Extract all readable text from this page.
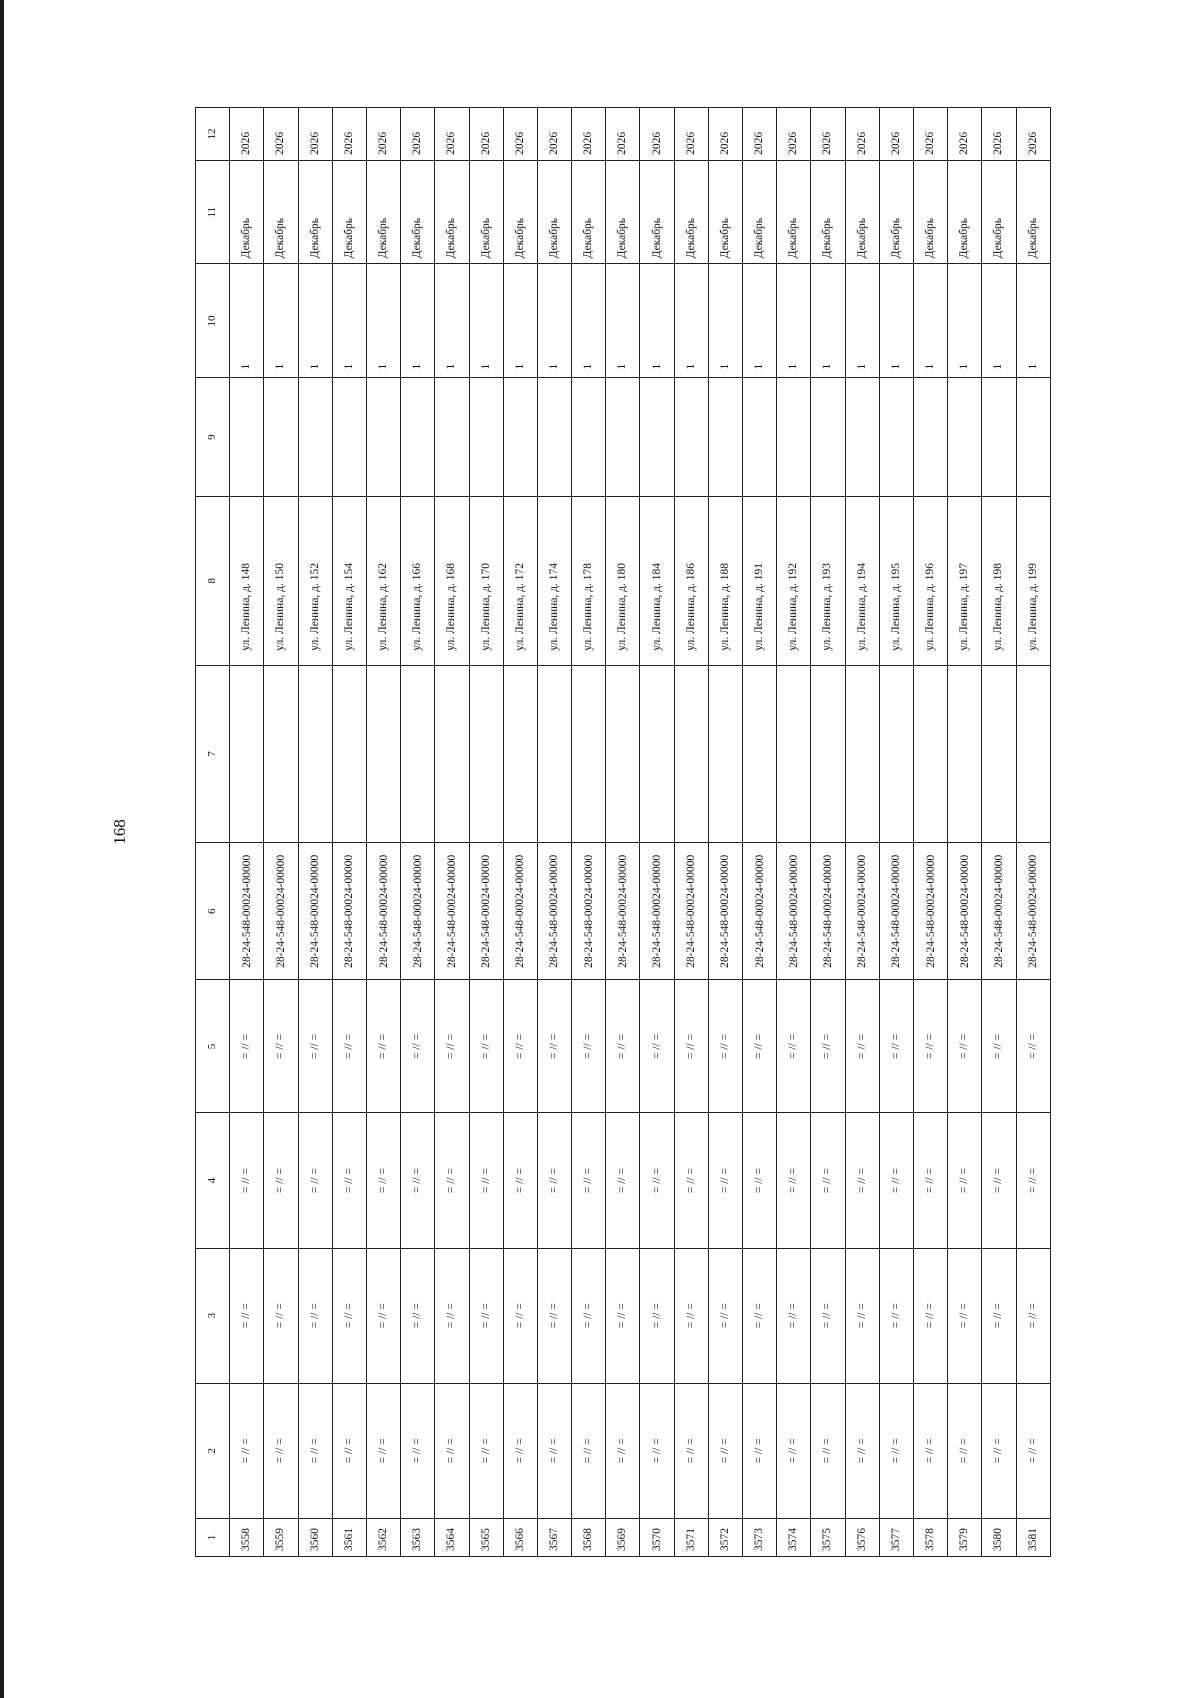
168
1	2	3	4	5	6	7	8	9	10	11	12
3558	= // =	= // =	= // =	= // =	28-24-548-00024-00000		ул. Ленина, д. 148		1	Декабрь	2026
3559	= // =	= // =	= // =	= // =	28-24-548-00024-00000		ул. Ленина, д. 150		1	Декабрь	2026
3560	= // =	= // =	= // =	= // =	28-24-548-00024-00000		ул. Ленина, д. 152		1	Декабрь	2026
3561	= // =	= // =	= // =	= // =	28-24-548-00024-00000		ул. Ленина, д. 154		1	Декабрь	2026
3562	= // =	= // =	= // =	= // =	28-24-548-00024-00000		ул. Ленина, д. 162		1	Декабрь	2026
3563	= // =	= // =	= // =	= // =	28-24-548-00024-00000		ул. Ленина, д. 166		1	Декабрь	2026
3564	= // =	= // =	= // =	= // =	28-24-548-00024-00000		ул. Ленина, д. 168		1	Декабрь	2026
3565	= // =	= // =	= // =	= // =	28-24-548-00024-00000		ул. Ленина, д. 170		1	Декабрь	2026
3566	= // =	= // =	= // =	= // =	28-24-548-00024-00000		ул. Ленина, д. 172		1	Декабрь	2026
3567	= // =	= // =	= // =	= // =	28-24-548-00024-00000		ул. Ленина, д. 174		1	Декабрь	2026
3568	= // =	= // =	= // =	= // =	28-24-548-00024-00000		ул. Ленина, д. 178		1	Декабрь	2026
3569	= // =	= // =	= // =	= // =	28-24-548-00024-00000		ул. Ленина, д. 180		1	Декабрь	2026
3570	= // =	= // =	= // =	= // =	28-24-548-00024-00000		ул. Ленина, д. 184		1	Декабрь	2026
3571	= // =	= // =	= // =	= // =	28-24-548-00024-00000		ул. Ленина, д. 186		1	Декабрь	2026
3572	= // =	= // =	= // =	= // =	28-24-548-00024-00000		ул. Ленина, д. 188		1	Декабрь	2026
3573	= // =	= // =	= // =	= // =	28-24-548-00024-00000		ул. Ленина, д. 191		1	Декабрь	2026
3574	= // =	= // =	= // =	= // =	28-24-548-00024-00000		ул. Ленина, д. 192		1	Декабрь	2026
3575	= // =	= // =	= // =	= // =	28-24-548-00024-00000		ул. Ленина, д. 193		1	Декабрь	2026
3576	= // =	= // =	= // =	= // =	28-24-548-00024-00000		ул. Ленина, д. 194		1	Декабрь	2026
3577	= // =	= // =	= // =	= // =	28-24-548-00024-00000		ул. Ленина, д. 195		1	Декабрь	2026
3578	= // =	= // =	= // =	= // =	28-24-548-00024-00000		ул. Ленина, д. 196		1	Декабрь	2026
3579	= // =	= // =	= // =	= // =	28-24-548-00024-00000		ул. Ленина, д. 197		1	Декабрь	2026
3580	= // =	= // =	= // =	= // =	28-24-548-00024-00000		ул. Ленина, д. 198		1	Декабрь	2026
3581	= // =	= // =	= // =	= // =	28-24-548-00024-00000		ул. Ленина, д. 199		1	Декабрь	2026
